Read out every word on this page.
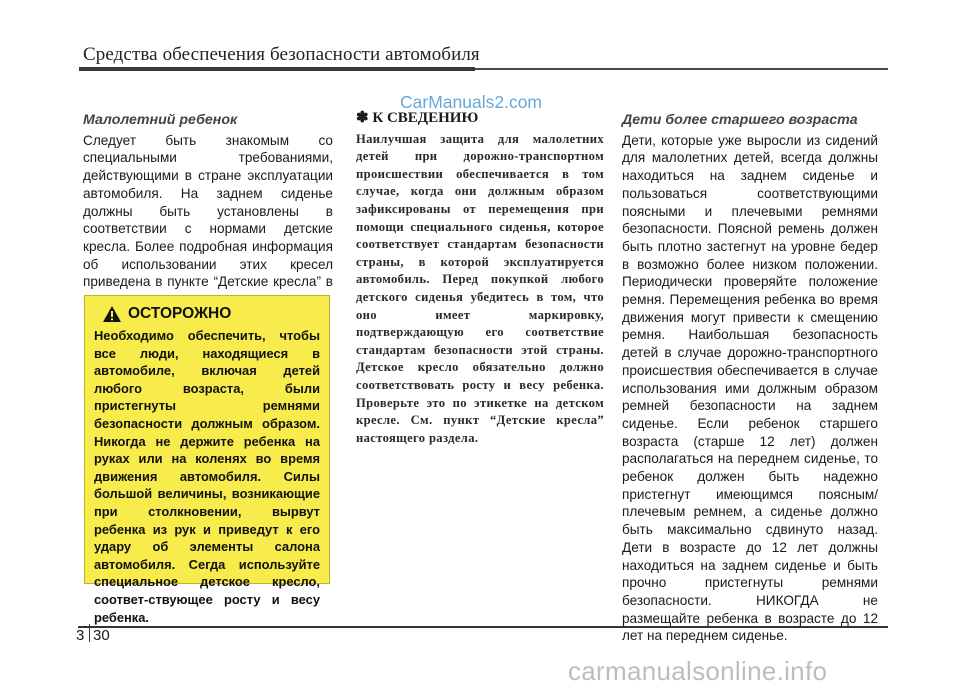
Средства обеспечения безопасности автомобиля
CarManuals2.com
Малолетний ребенок
Следует быть знакомым со специальными требованиями, действующими в стране эксплуатации автомобиля. На заднем сиденье должны быть установлены в соответствии с нормами детские кресла. Более подробная информация об использовании этих кресел приведена в пункте “Детские кресла” в
ОСТОРОЖНО
Необходимо обеспечить, чтобы все люди, находящиеся в автомобиле, включая детей любого возраста, были пристегнуты ремнями безопасности должным образом. Никогда не держите ребенка на руках или на коленях во время движения автомобиля. Силы большой величины, возникающие при столкновении, вырвут ребенка из рук и приведут к его удару об элементы салона автомобиля. Сегда используйте специальное детское кресло, соответ-ствующее росту и весу ребенка.
✽ К СВЕДЕНИЮ
Наилучшая защита для малолетних детей при дорожно-транспортном происшествии обеспечивается в том случае, когда они должным образом зафиксированы от перемещения при помощи специального сиденья, которое соответствует стандартам безопасности страны, в которой эксплуатируется автомобиль. Перед покупкой любого детского сиденья убедитесь в том, что оно имеет маркировку, подтверждающую его соответствие стандартам безопасности этой страны. Детское кресло обязательно должно соответствовать росту и весу ребенка. Проверьте это по этикетке на детском кресле. См. пункт “Детские кресла” настоящего раздела.
Дети более старшего возраста
Дети, которые уже выросли из сидений для малолетних детей, всегда должны находиться на заднем сиденье и пользоваться соответствующими поясными и плечевыми ремнями безопасности. Поясной ремень должен быть плотно застегнут на уровне бедер в возможно более низком положении. Периодически проверяйте положение ремня. Перемещения ребенка во время движения могут привести к смещению ремня. Наибольшая безопасность детей в случае дорожно-транспортного происшествия обеспечивается в случае использования ими должным образом ремней безопасности на заднем сиденье. Если ребенок старшего возраста (старше 12 лет) должен располагаться на переднем сиденье, то ребенок должен быть надежно пристегнут имеющимся поясным/плечевым ремнем, а сиденье должно быть максимально сдвинуто назад. Дети в возрасте до 12 лет должны находиться на заднем сиденье и быть прочно пристегнуты ремнями безопасности. НИКОГДА не размещайте ребенка в возрасте до 12 лет на переднем сиденье.
3 30
carmanualsonline.info
